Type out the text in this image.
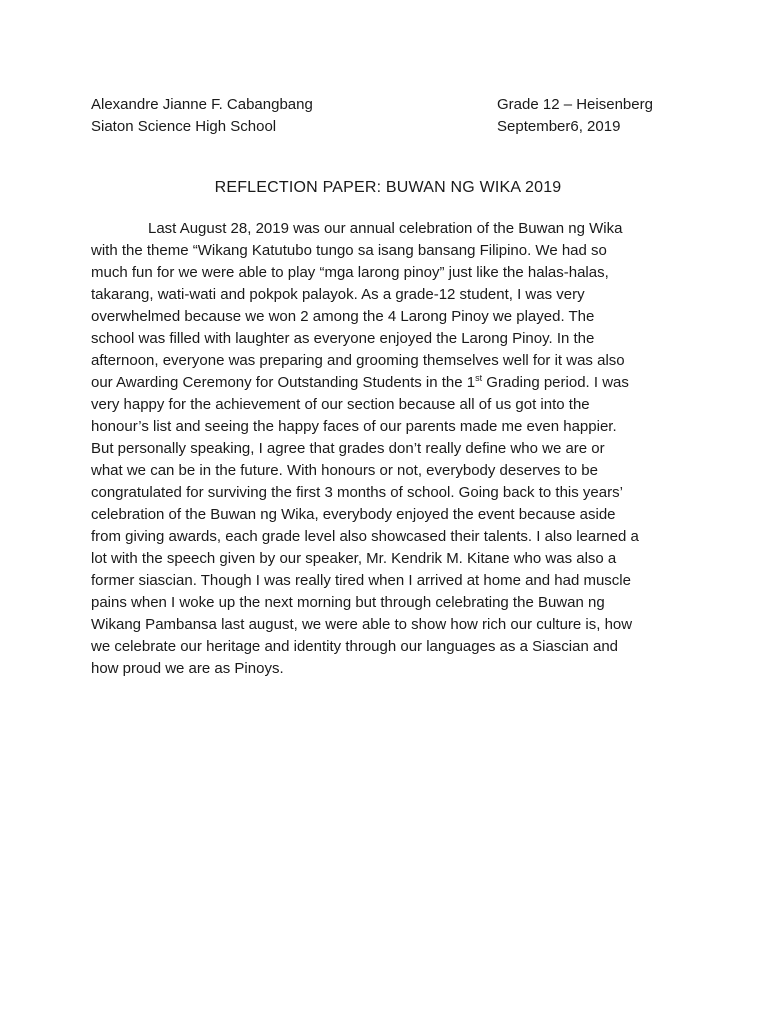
Alexandre Jianne F. Cabangbang
Siaton Science High School
Grade 12 – Heisenberg
September6, 2019
REFLECTION PAPER: BUWAN NG WIKA 2019
Last August 28, 2019 was our annual celebration of the Buwan ng Wika
with the theme “Wikang Katutubo tungo sa isang bansang Filipino. We had so
much fun for we were able to play “mga larong pinoy” just like the halas-halas,
takarang, wati-wati and pokpok palayok. As a grade-12 student, I was very
overwhelmed because we won 2 among the 4 Larong Pinoy we played. The
school was filled with laughter as everyone enjoyed the Larong Pinoy. In the
afternoon, everyone was preparing and grooming themselves well for it was also
our Awarding Ceremony for Outstanding Students in the 1st Grading period. I was
very happy for the achievement of our section because all of us got into the
honour’s list and seeing the happy faces of our parents made me even happier.
But personally speaking, I agree that grades don’t really define who we are or
what we can be in the future. With honours or not, everybody deserves to be
congratulated for surviving the first 3 months of school. Going back to this years’
celebration of the Buwan ng Wika, everybody enjoyed the event because aside
from giving awards, each grade level also showcased their talents. I also learned a
lot with the speech given by our speaker, Mr. Kendrik M. Kitane who was also a
former siascian. Though I was really tired when I arrived at home and had muscle
pains when I woke up the next morning but through celebrating the Buwan ng
Wikang Pambansa last august, we were able to show how rich our culture is, how
we celebrate our heritage and identity through our languages as a Siascian and
how proud we are as Pinoys.
